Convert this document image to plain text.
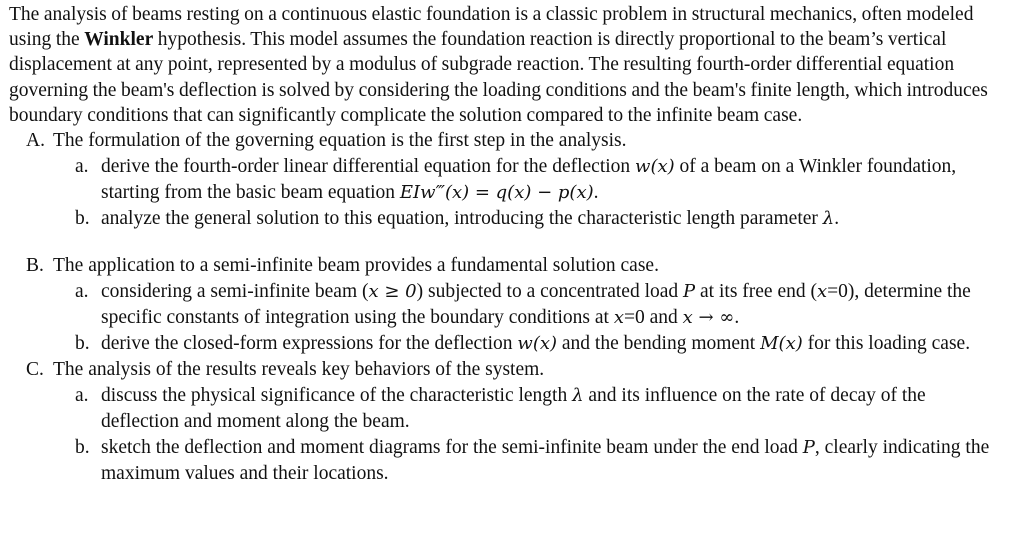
The analysis of beams resting on a continuous elastic foundation is a classic problem in structural mechanics, often modeled using the Winkler hypothesis. This model assumes the foundation reaction is directly proportional to the beam’s vertical displacement at any point, represented by a modulus of subgrade reaction. The resulting fourth-order differential equation governing the beam's deflection is solved by considering the loading conditions and the beam's finite length, which introduces boundary conditions that can significantly complicate the solution compared to the infinite beam case.

A. The formulation of the governing equation is the first step in the analysis.
a. derive the fourth-order linear differential equation for the deflection w(x) of a beam on a Winkler foundation, starting from the basic beam equation EIw‴(x) = q(x) − p(x).
b. analyze the general solution to this equation, introducing the characteristic length parameter λ.
B. The application to a semi-infinite beam provides a fundamental solution case.
a. considering a semi-infinite beam (x ≥ 0) subjected to a concentrated load P at its free end (x=0), determine the specific constants of integration using the boundary conditions at x=0 and x → ∞.
b. derive the closed-form expressions for the deflection w(x) and the bending moment M(x) for this loading case.
C. The analysis of the results reveals key behaviors of the system.
a. discuss the physical significance of the characteristic length λ and its influence on the rate of decay of the deflection and moment along the beam.
b. sketch the deflection and moment diagrams for the semi-infinite beam under the end load P, clearly indicating the maximum values and their locations.
